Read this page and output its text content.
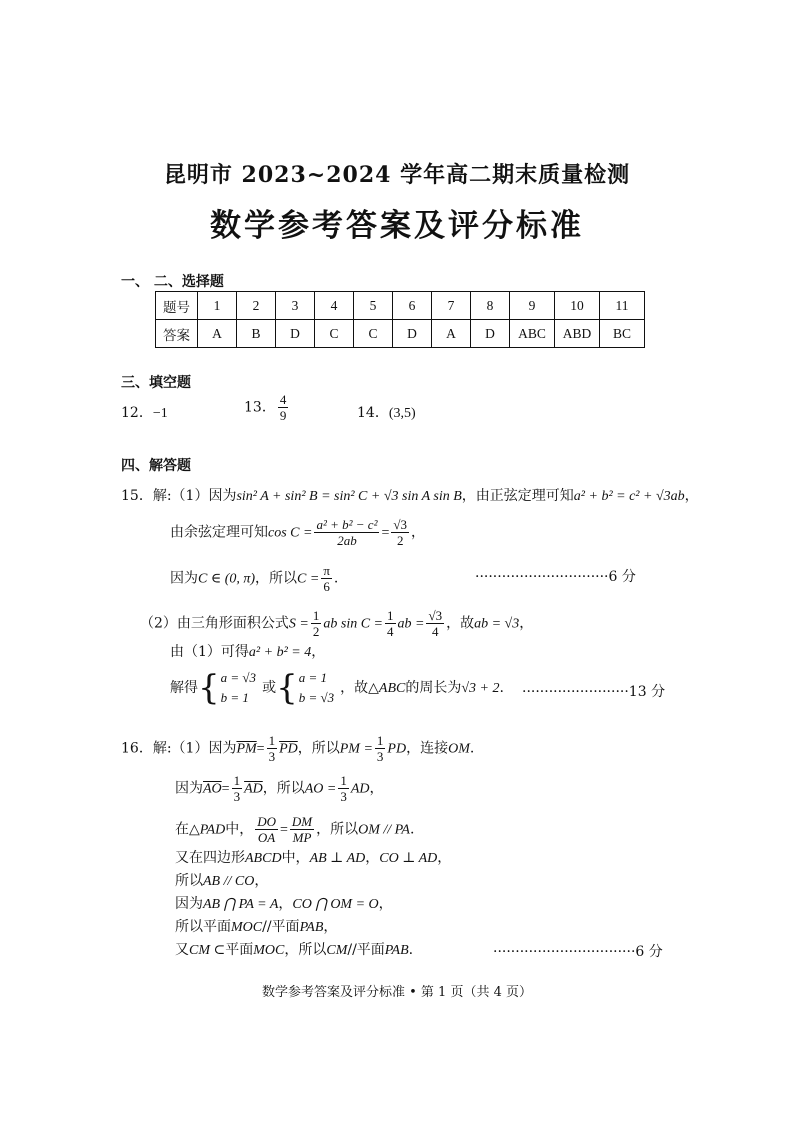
昆明市 2023~2024 学年高二期末质量检测
数学参考答案及评分标准
一、 二、选择题
题号	1	2	3	4	5	6	7	8	9	10	11
答案	A	B	D	C	C	D	A	D	ABC	ABD	BC
三、填空题
12．−1	13． $\frac{4}{9}$	14．(3,5)
四、解答题
15．解:（1）因为sin² A + sin² B = sin² C + √3 sin A sin B，由正弦定理可知a² + b² = c² + √3ab，
由余弦定理可知$\cos C = \frac{\text{a² + b² − c²}}{2ab} = \frac{√3}{2}$ ，
因为C ∈ (0, π)，所以$C = \frac{\pi}{6}$ .	······························6 分
（2）由三角形面积公式$S = \frac{1}{2}$ ab $\sin C = \frac{1}{4}$ ab = $\frac{√3}{4}$ ，故ab = √3，
由（1）可得a² + b² = 4，
解得{ a = √3
b = 1
或{ a = 1
b = √3
，故△ABC的周长为√3 + 2. ························13 分
16．解:（1）因为$\overline{PM}= \frac{1}{3} \overline{PD}$，所以PM = $\frac{1}{3}$ PD，连接OM.
因为$\overline{AO}= \frac{1}{3} \overline{AD}$，所以AO = $\frac{1}{3}$ AD，
在△PAD中， $\frac{DO}{OA} = \frac{DM}{MP}$ ，所以OM // PA.
又在四边形ABCD中，AB ⊥ AD，CO ⊥ AD，
所以AB // CO，
因为AB ⋂ PA = A，CO ⋂ OM = O，
所以平面MOC//平面PAB，
又CM ⊂平面MOC，所以CM//平面PAB.	································6 分
数学参考答案及评分标准 • 第 1 页（共 4 页）
